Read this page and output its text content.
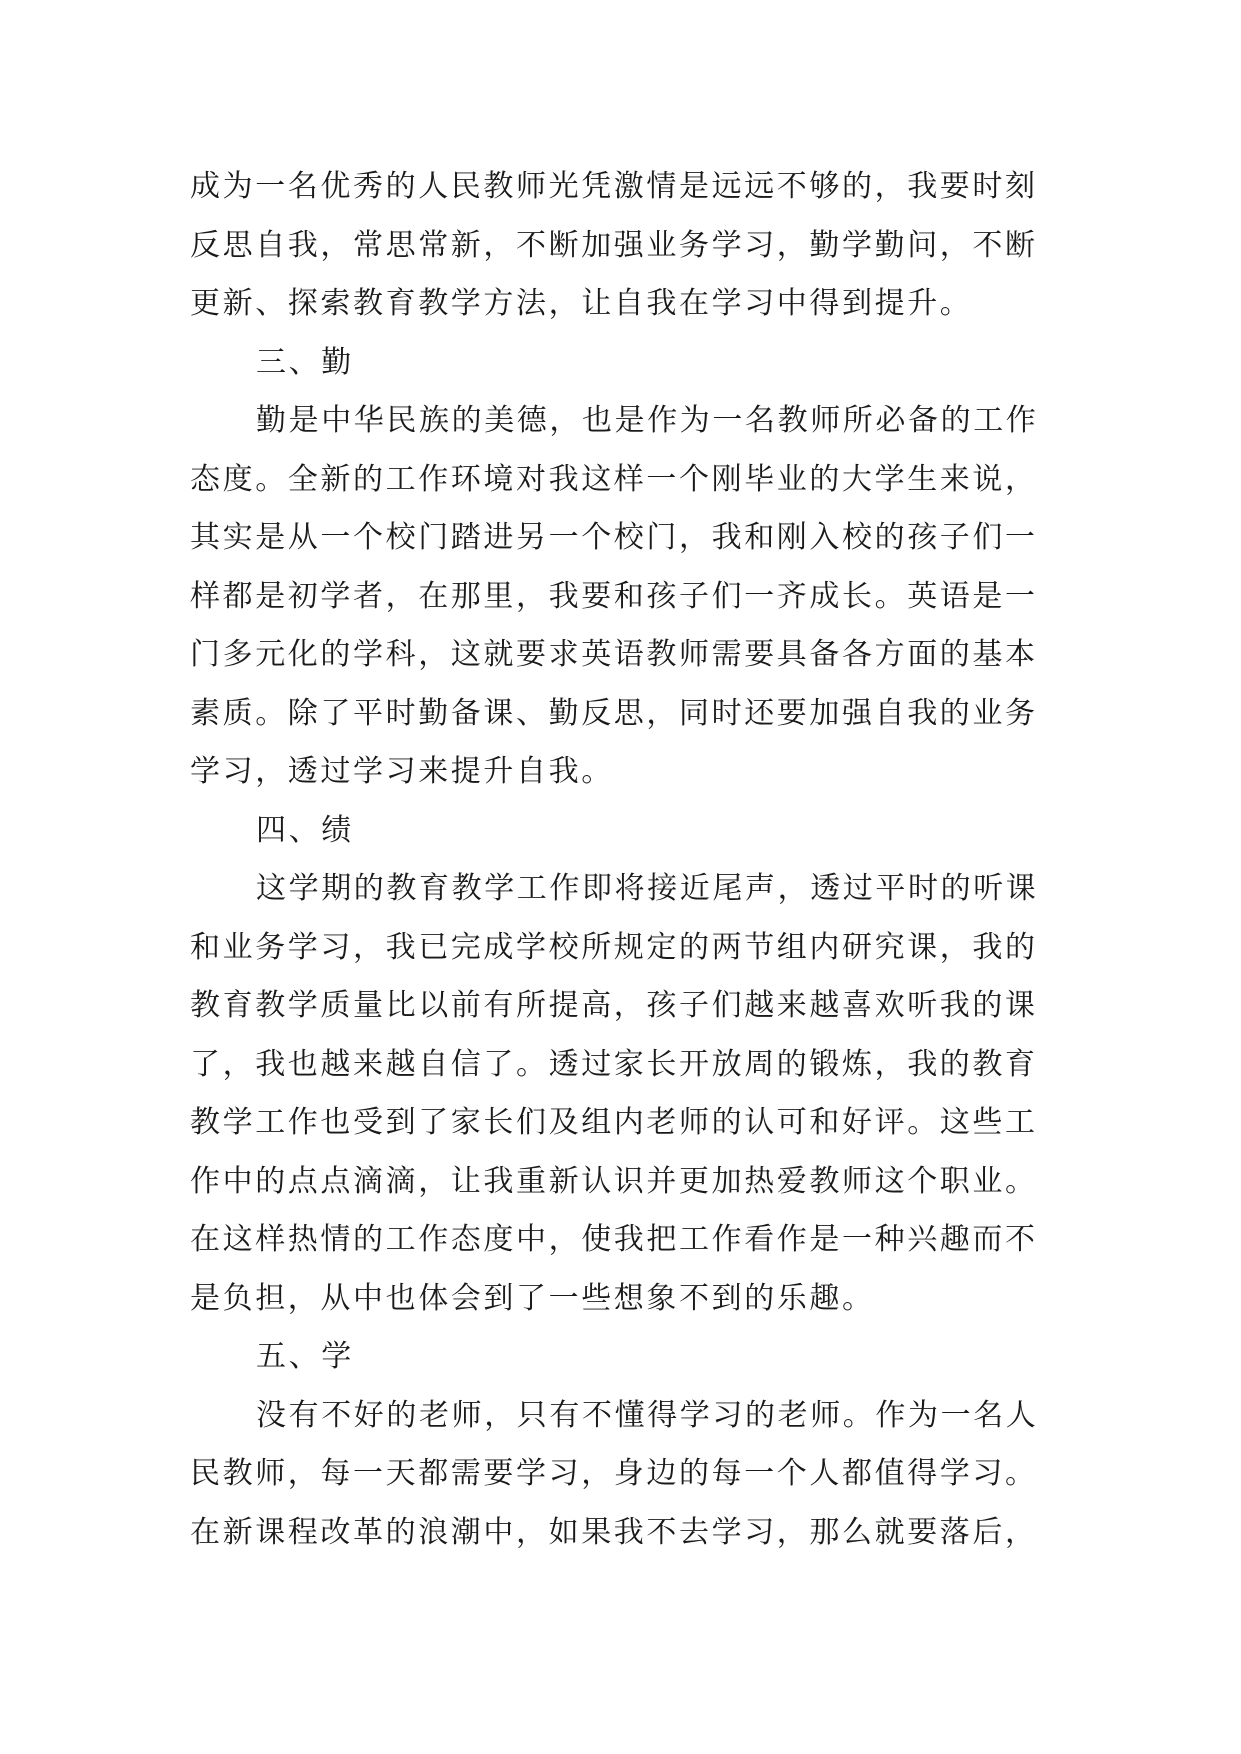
成为一名优秀的人民教师光凭激情是远远不够的，我要时刻
反思自我，常思常新，不断加强业务学习，勤学勤问，不断
更新、探索教育教学方法，让自我在学习中得到提升。
三、勤
勤是中华民族的美德，也是作为一名教师所必备的工作
态度。全新的工作环境对我这样一个刚毕业的大学生来说，
其实是从一个校门踏进另一个校门，我和刚入校的孩子们一
样都是初学者，在那里，我要和孩子们一齐成长。英语是一
门多元化的学科，这就要求英语教师需要具备各方面的基本
素质。除了平时勤备课、勤反思，同时还要加强自我的业务
学习，透过学习来提升自我。
四、绩
这学期的教育教学工作即将接近尾声，透过平时的听课
和业务学习，我已完成学校所规定的两节组内研究课，我的
教育教学质量比以前有所提高，孩子们越来越喜欢听我的课
了，我也越来越自信了。透过家长开放周的锻炼，我的教育
教学工作也受到了家长们及组内老师的认可和好评。这些工
作中的点点滴滴，让我重新认识并更加热爱教师这个职业。
在这样热情的工作态度中，使我把工作看作是一种兴趣而不
是负担，从中也体会到了一些想象不到的乐趣。
五、学
没有不好的老师，只有不懂得学习的老师。作为一名人
民教师，每一天都需要学习，身边的每一个人都值得学习。
在新课程改革的浪潮中，如果我不去学习，那么就要落后，
